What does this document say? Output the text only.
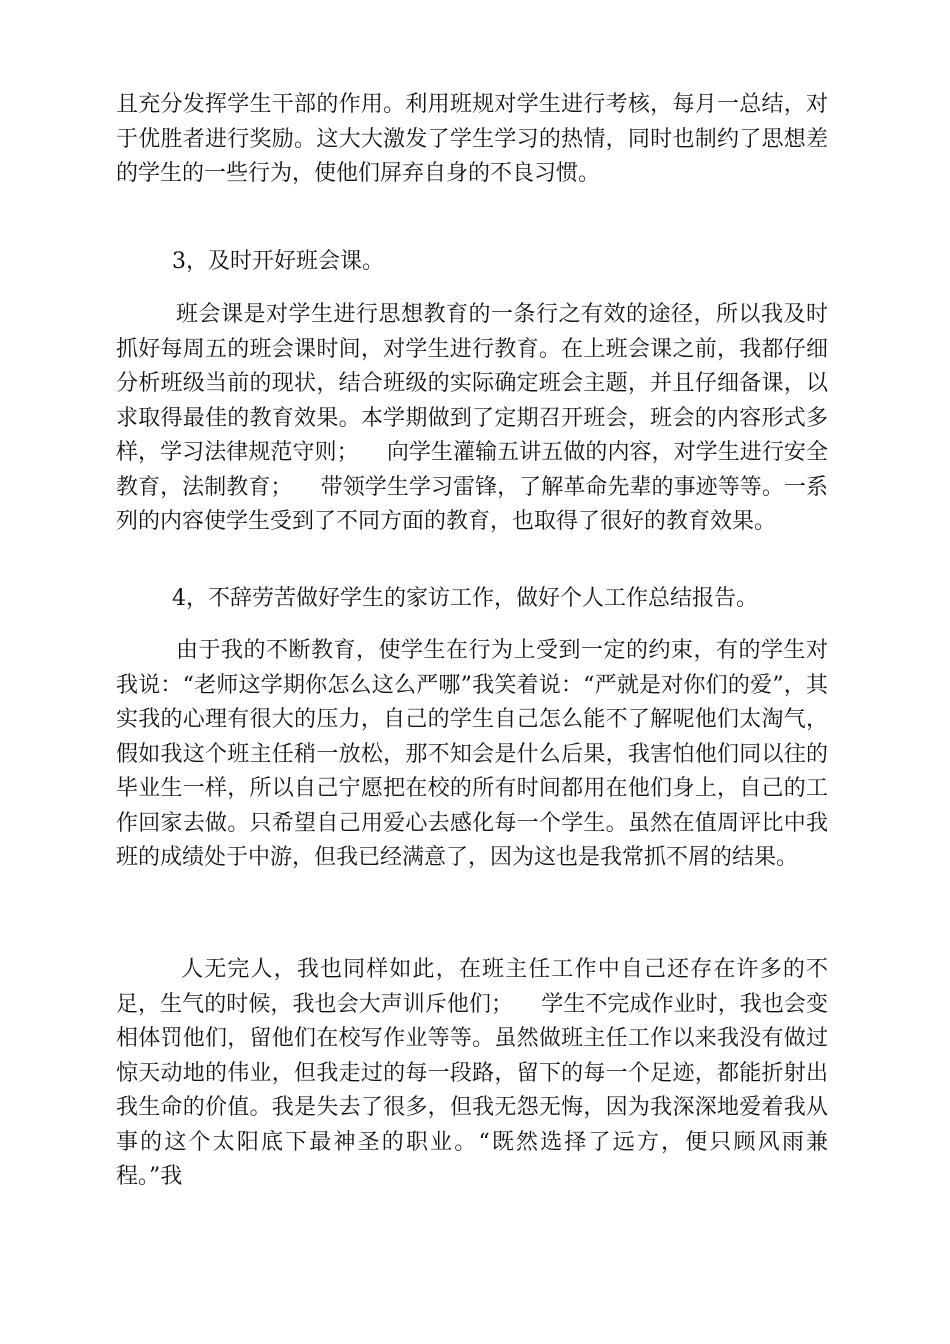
且充分发挥学生干部的作用。利用班规对学生进行考核，每月一总结，对于优胜者进行奖励。这大大激发了学生学习的热情，同时也制约了思想差的学生的一些行为，使他们屏弃自身的不良习惯。
3，及时开好班会课。
班会课是对学生进行思想教育的一条行之有效的途径，所以我及时抓好每周五的班会课时间，对学生进行教育。在上班会课之前，我都仔细分析班级当前的现状，结合班级的实际确定班会主题，并且仔细备课，以求取得最佳的教育效果。本学期做到了定期召开班会，班会的内容形式多样，学习法律规范守则；    向学生灌输五讲五做的内容，对学生进行安全教育，法制教育；    带领学生学习雷锋，了解革命先辈的事迹等等。一系列的内容使学生受到了不同方面的教育，也取得了很好的教育效果。
4，不辞劳苦做好学生的家访工作，做好个人工作总结报告。
由于我的不断教育，使学生在行为上受到一定的约束，有的学生对我说：“老师这学期你怎么这么严哪”我笑着说：“严就是对你们的爱”，其实我的心理有很大的压力，自己的学生自己怎么能不了解呢他们太淘气，假如我这个班主任稍一放松，那不知会是什么后果，我害怕他们同以往的毕业生一样，所以自己宁愿把在校的所有时间都用在他们身上，自己的工作回家去做。只希望自己用爱心去感化每一个学生。虽然在值周评比中我班的成绩处于中游，但我已经满意了，因为这也是我常抓不屑的结果。
人无完人，我也同样如此，在班主任工作中自己还存在许多的不足，生气的时候，我也会大声训斥他们；    学生不完成作业时，我也会变相体罚他们，留他们在校写作业等等。虽然做班主任工作以来我没有做过惊天动地的伟业，但我走过的每一段路，留下的每一个足迹，都能折射出我生命的价值。我是失去了很多，但我无怨无悔，因为我深深地爱着我从事的这个太阳底下最神圣的职业。“既然选择了远方，便只顾风雨兼程。”我
